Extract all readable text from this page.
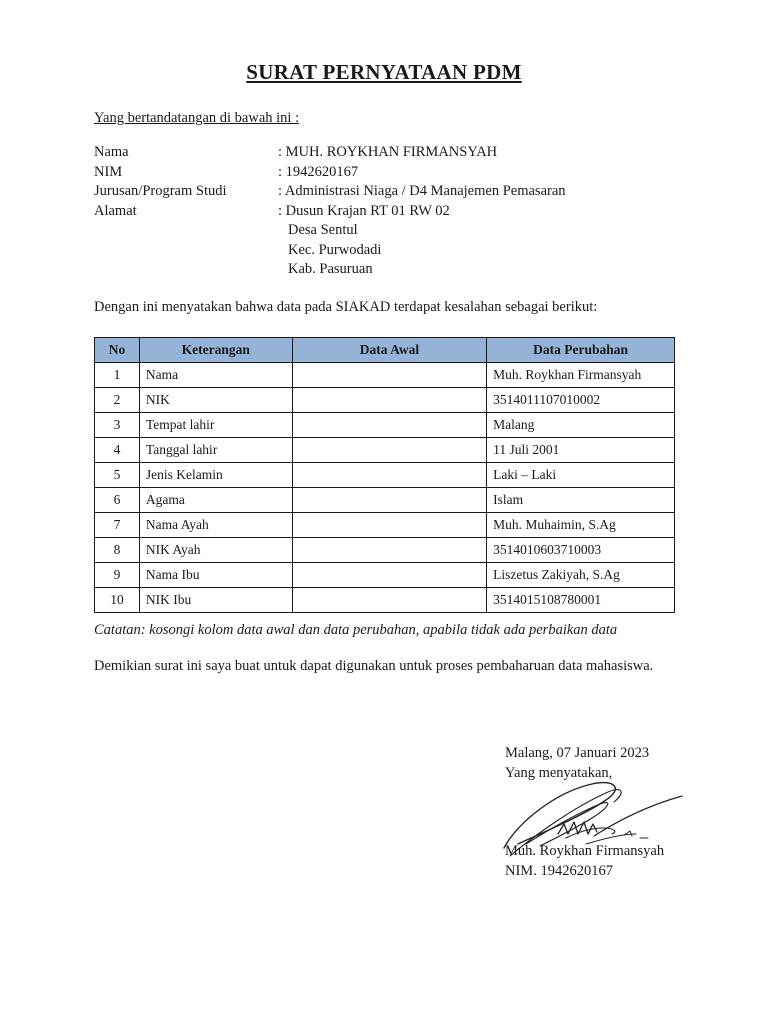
SURAT PERNYATAAN PDM
Yang bertandatangan di bawah ini :
Nama	: MUH. ROYKHAN FIRMANSYAH
NIM	: 1942620167
Jurusan/Program Studi	: Administrasi Niaga / D4 Manajemen Pemasaran
Alamat	: Dusun Krajan RT 01 RW 02
Desa Sentul
Kec. Purwodadi
Kab. Pasuruan
Dengan ini menyatakan bahwa data pada SIAKAD terdapat kesalahan sebagai berikut:
No	Keterangan	Data Awal	Data Perubahan
1	Nama		Muh. Roykhan Firmansyah
2	NIK		3514011107010002
3	Tempat lahir		Malang
4	Tanggal lahir		11 Juli 2001
5	Jenis Kelamin		Laki – Laki
6	Agama		Islam
7	Nama Ayah		Muh. Muhaimin, S.Ag
8	NIK Ayah		3514010603710003
9	Nama Ibu		Liszetus Zakiyah, S.Ag
10	NIK Ibu		3514015108780001
Catatan: kosongi kolom data awal dan data perubahan, apabila tidak ada perbaikan data
Demikian surat ini saya buat untuk dapat digunakan untuk proses pembaharuan data mahasiswa.
Malang, 07 Januari 2023
Yang menyatakan,
Muh. Roykhan Firmansyah
NIM. 1942620167
